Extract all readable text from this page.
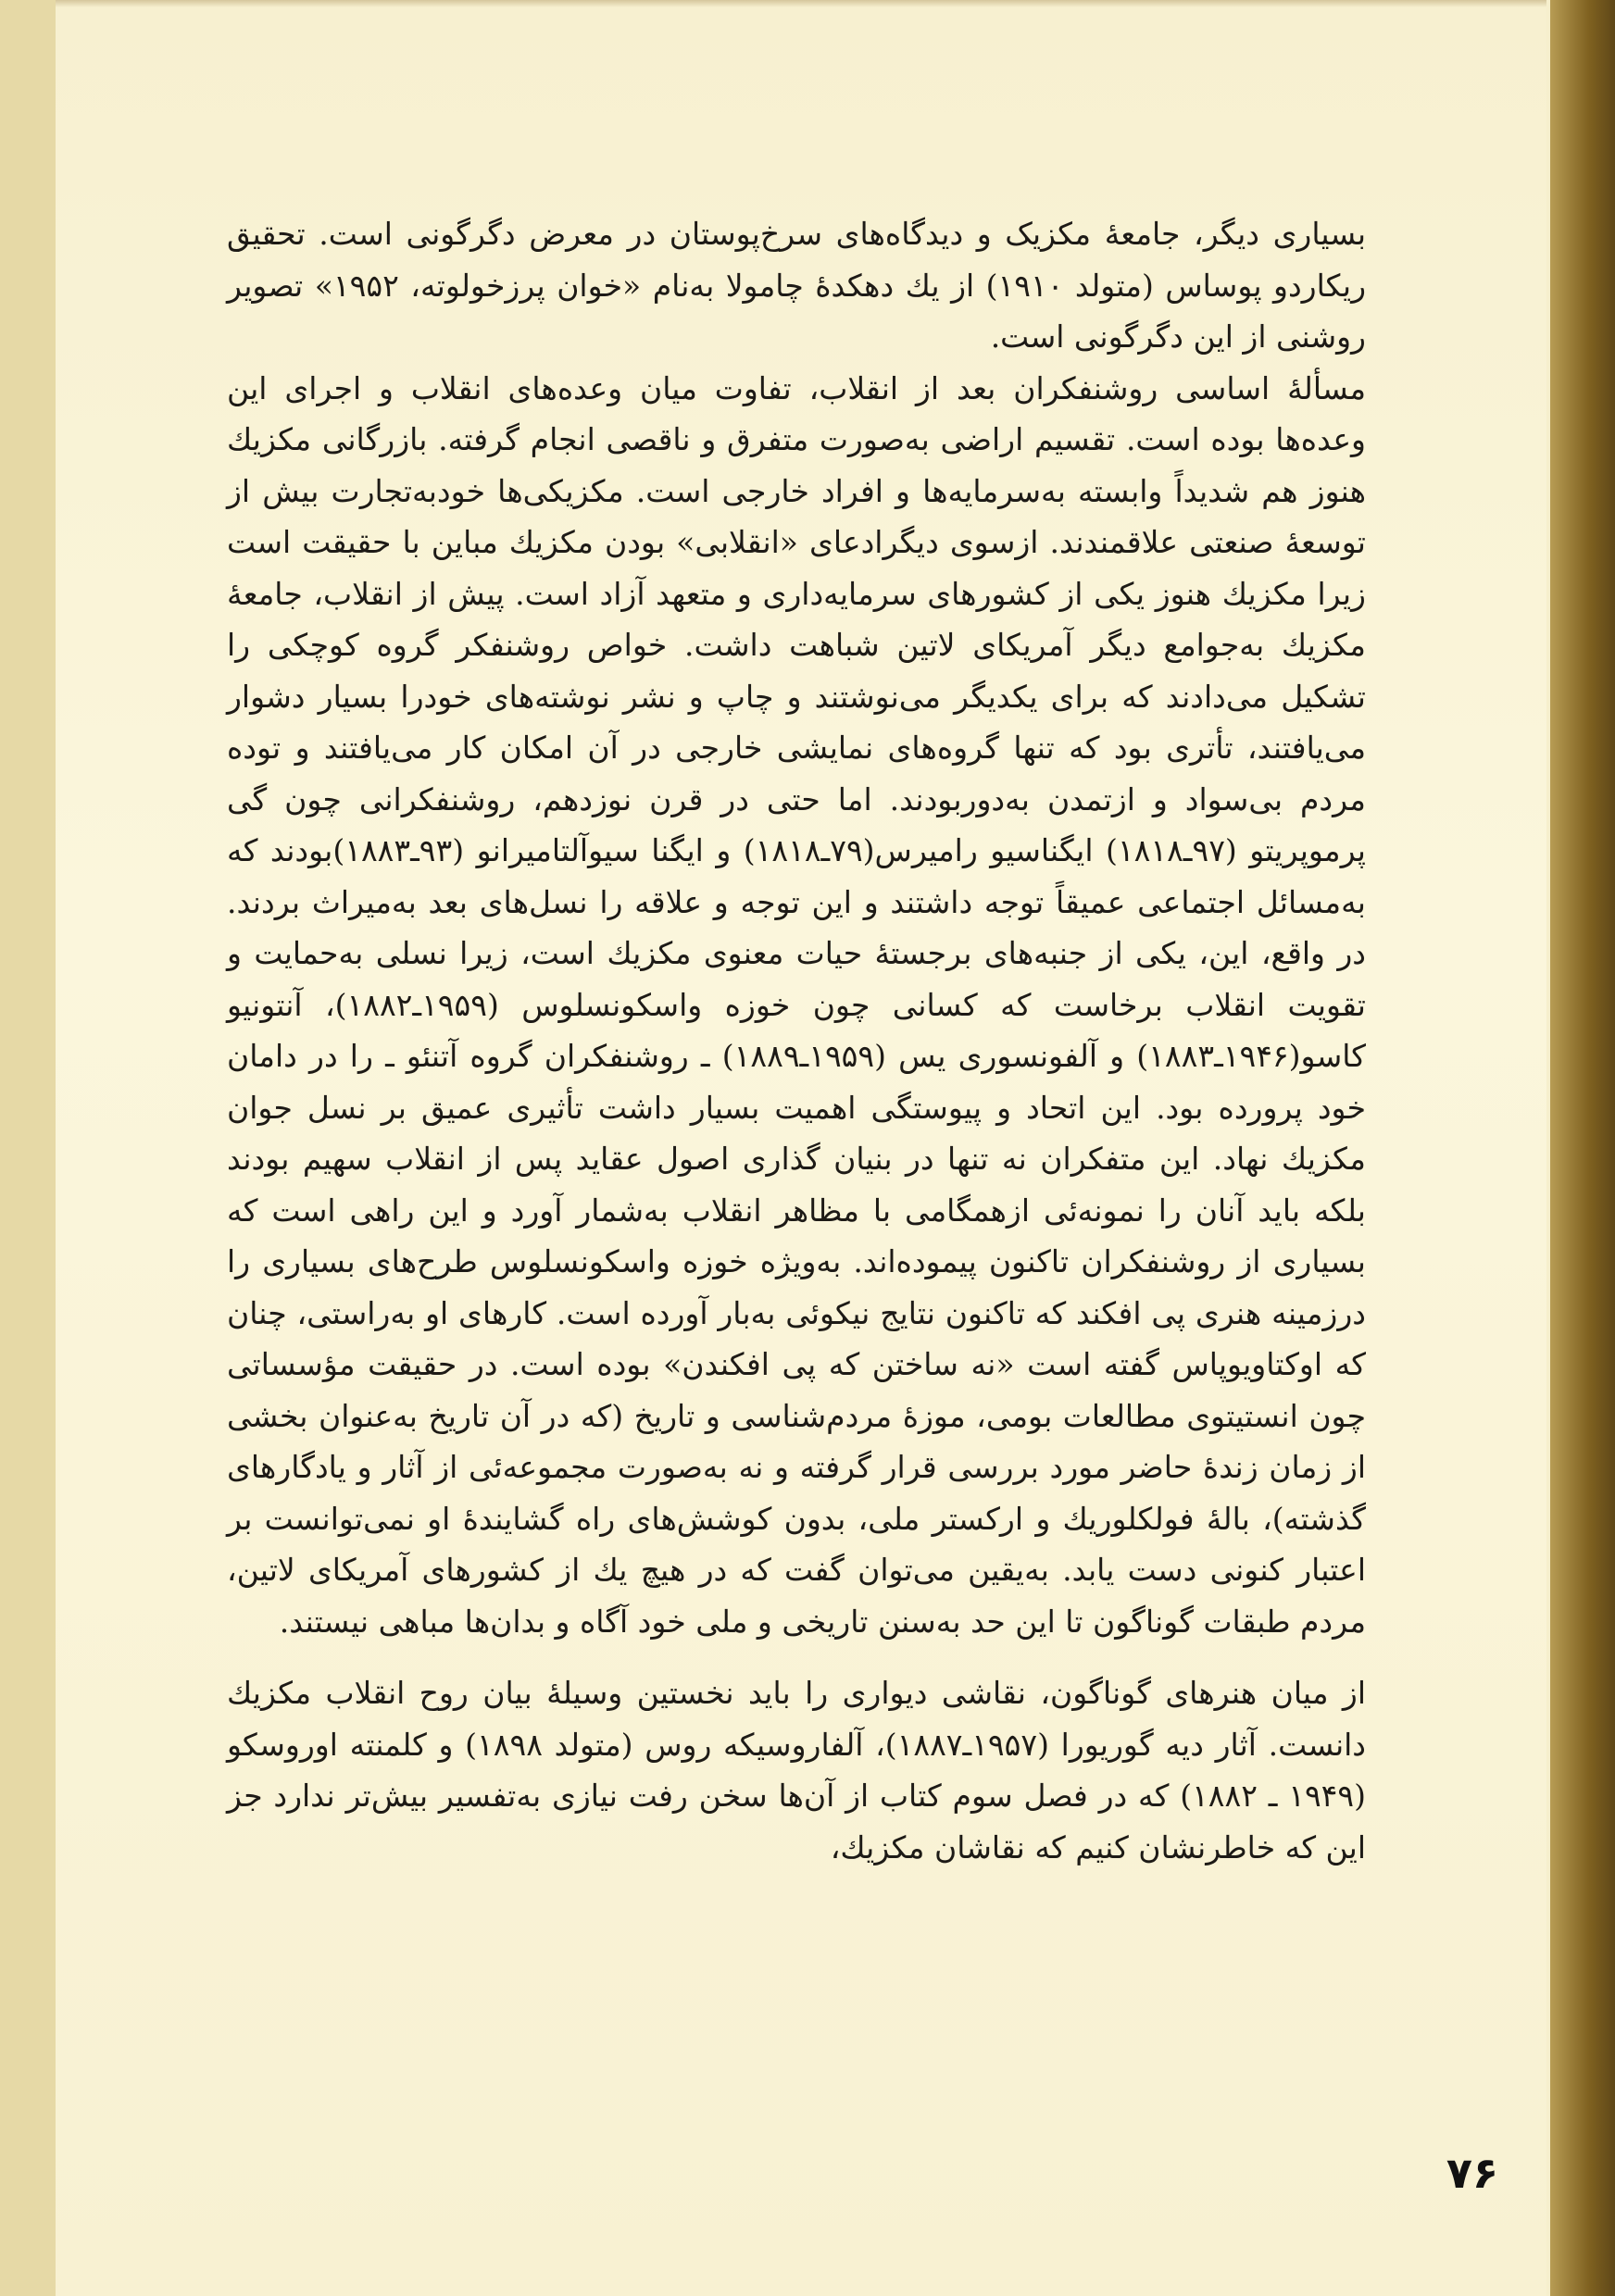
بسیاری دیگر، جامعهٔ مکزیک و دیدگاه‌های سرخ‌پوستان در معرض دگرگونی است. تحقیق ریکاردو پوساس (متولد ۱۹۱۰) از یك دهکدهٔ چامولا به‌نام «خوان پرزخولوته، ۱۹۵۲» تصویر روشنی از این دگرگونی است.

مسألهٔ اساسی روشنفکران بعد از انقلاب، تفاوت میان وعده‌های انقلاب و اجرای این وعده‌ها بوده است. تقسیم اراضی به‌صورت متفرق و ناقصی انجام گرفته. بازرگانی مکزیك هنوز هم شدیداً وابسته به‌سرمایه‌ها و افراد خارجی است. مکزیکی‌ها خودبه‌تجارت بیش از توسعهٔ صنعتی علاقمندند. ازسوی دیگرادعای «انقلابی» بودن مکزیك مباین با حقیقت است زیرا مکزیك هنوز یکی از کشورهای سرمایه‌داری و متعهد آزاد است. پیش از انقلاب، جامعهٔ مکزیك به‌جوامع دیگر آمریکای لاتین شباهت داشت. خواص روشنفکر گروه کوچکی را تشکیل می‌دادند که برای یکدیگر می‌نوشتند و چاپ و نشر نوشته‌های خودرا بسیار دشوار می‌یافتند، تأتری بود که تنها گروه‌های نمایشی خارجی در آن امکان کار می‌یافتند و توده مردم بی‌سواد و ازتمدن به‌دوربودند. اما حتی در قرن نوزدهم، روشنفکرانی چون گی پرموپریتو (۹۷ـ۱۸۱۸) ایگناسیو رامیرس(۷۹ـ۱۸۱۸) و ایگنا سیوآلتامیرانو (۹۳ـ۱۸۸۳)بودند که به‌مسائل اجتماعی عمیقاً توجه داشتند و این توجه و علاقه را نسل‌های بعد به‌میراث بردند. در واقع، این، یکی از جنبه‌های برجستهٔ حیات معنوی مکزیك است، زیرا نسلی به‌حمایت و تقویت انقلاب برخاست که کسانی چون خوزه واسکونسلوس (۱۹۵۹ـ۱۸۸۲)، آنتونیو کاسو(۱۹۴۶ـ۱۸۸۳) و آلفونسوری یس (۱۹۵۹ـ۱۸۸۹) ـ روشنفکران گروه آتنئو ـ را در دامان خود پرورده بود. این اتحاد و پیوستگی اهمیت بسیار داشت تأثیری عمیق بر نسل جوان مکزیك نهاد. این متفکران نه تنها در بنیان گذاری اصول عقاید پس از انقلاب سهیم بودند بلکه باید آنان را نمونه‌ئی ازهمگامی با مظاهر انقلاب به‌شمار آورد و این راهی است که بسیاری از روشنفکران تاکنون پیموده‌اند. به‌ویژه خوزه واسکونسلوس طرح‌های بسیاری را درزمینه هنری پی افکند که تاکنون نتایج نیکوئی به‌بار آورده است. کارهای او به‌راستی، چنان که اوکتاویوپاس گفته است «نه ساختن که پی افکندن» بوده است. در حقیقت مؤسساتی چون انستیتوی مطالعات بومی، موزهٔ مردم‌شناسی و تاریخ (که در آن تاریخ به‌عنوان بخشی از زمان زندهٔ حاضر مورد بررسی قرار گرفته و نه به‌صورت مجموعه‌ئی از آثار و یادگارهای گذشته)، بالهٔ فولکلوریك و ارکستر ملی، بدون کوشش‌های راه گشایندهٔ او نمی‌توانست بر اعتبار کنونی دست یابد. به‌یقین می‌توان گفت که در هیچ یك از کشورهای آمریکای لاتین، مردم طبقات گوناگون تا این حد به‌سنن تاریخی و ملی خود آگاه و بدان‌ها مباهی نیستند.

از میان هنرهای گوناگون، نقاشی دیواری را باید نخستین وسیلهٔ بیان روح انقلاب مکزیك دانست. آثار دیه گوریورا (۱۹۵۷ـ۱۸۸۷)، آلفاروسیکه روس (متولد ۱۸۹۸) و کلمنته اوروسکو (۱۹۴۹ ـ ۱۸۸۲) که در فصل سوم کتاب از آن‌ها سخن رفت نیازی به‌تفسیر بیش‌تر ندارد جز این که خاطرنشان کنیم که نقاشان مکزیك،

۷۶
